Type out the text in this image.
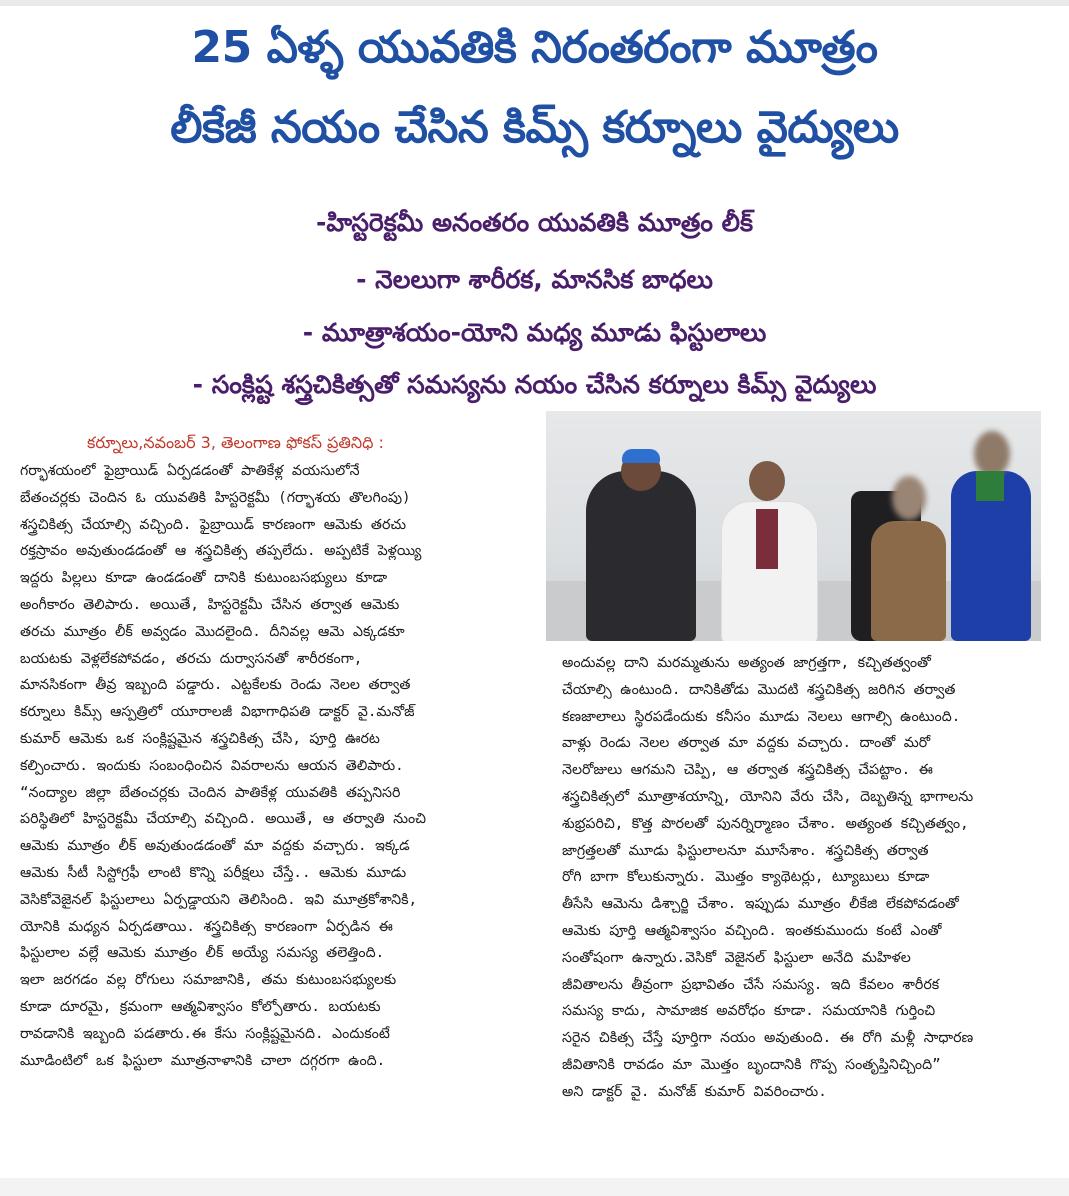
25 ఏళ్ళ యువతికి నిరంతరంగా మూత్రం
లీకేజీ నయం చేసిన కిమ్స్ కర్నూలు వైద్యులు
-హిస్టరెక్టమీ అనంతరం యువతికి మూత్రం లీక్
- నెలలుగా శారీరక, మానసిక బాధలు
- మూత్రాశయం-యోని మధ్య మూడు ఫిస్టులాలు
- సంక్లిష్ట శస్త్రచికిత్సతో సమస్యను నయం చేసిన కర్నూలు కిమ్స్ వైద్యులు
కర్నూలు,నవంబర్ 3, తెలంగాణ ఫోకస్ ప్రతినిధి :
గర్భాశయంలో ఫైబ్రాయిడ్ ఏర్పడడంతో పాతికేళ్ల వయసులోనే
బేతంచర్లకు చెందిన ఓ యువతికి హిస్టరెక్టమీ (గర్భాశయ తొలగింపు)
శస్త్రచికిత్స చేయాల్సి వచ్చింది. ఫైబ్రాయిడ్ కారణంగా ఆమెకు తరచు
రక్తస్రావం అవుతుండడంతో ఆ శస్త్రచికిత్స తప్పలేదు. అప్పటికే పెళ్లయ్యి
ఇద్దరు పిల్లలు కూడా ఉండడంతో దానికి కుటుంబసభ్యులు కూడా
అంగీకారం తెలిపారు. అయితే, హిస్టరెక్టమీ చేసిన తర్వాత ఆమెకు
తరచు మూత్రం లీక్ అవ్వడం మొదలైంది. దీనివల్ల ఆమె ఎక్కడకూ
బయటకు వెళ్లలేకపోవడం, తరచు దుర్వాసనతో శారీరకంగా,
మానసికంగా తీవ్ర ఇబ్బంది పడ్డారు. ఎట్టకేలకు రెండు నెలల తర్వాత
కర్నూలు కిమ్స్ ఆస్పత్రిలో యూరాలజీ విభాగాధిపతి డాక్టర్ వై.మనోజ్
కుమార్ ఆమెకు ఒక సంక్లిష్టమైన శస్త్రచికిత్స చేసి, పూర్తి ఊరట
కల్పించారు. ఇందుకు సంబంధించిన వివరాలను ఆయన తెలిపారు.
“నంద్యాల జిల్లా బేతంచర్లకు చెందిన పాతికేళ్ల యువతికి తప్పనిసరి
పరిస్థితిలో హిస్టరెక్టమీ చేయాల్సి వచ్చింది. అయితే, ఆ తర్వాతి నుంచి
ఆమెకు మూత్రం లీక్ అవుతుండడంతో మా వద్దకు వచ్చారు. ఇక్కడ
ఆమెకు సీటీ సిస్టోగ్రఫీ లాంటి కొన్ని పరీక్షలు చేస్తే.. ఆమెకు మూడు
వెసికోవెజైనల్ ఫిస్టులాలు ఏర్పడ్డాయని తెలిసింది. ఇవి మూత్రకోశానికి,
యోనికి మధ్యన ఏర్పడతాయి. శస్త్రచికిత్స కారణంగా ఏర్పడిన ఈ
ఫిస్టులాల వల్లే ఆమెకు మూత్రం లీక్ అయ్యే సమస్య తలెత్తింది.
ఇలా జరగడం వల్ల రోగులు సమాజానికి, తమ కుటుంబసభ్యులకు
కూడా దూరమై, క్రమంగా ఆత్మవిశ్వాసం కోల్పోతారు. బయటకు
రావడానికి ఇబ్బంది పడతారు.ఈ కేసు సంక్లిష్టమైనది. ఎందుకంటే
మూడింటిలో ఒక ఫిస్టులా మూత్రనాళానికి చాలా దగ్గరగా ఉంది.
అందువల్ల దాని మరమ్మతును అత్యంత జాగ్రత్తగా, కచ్చితత్వంతో
చేయాల్సి ఉంటుంది. దానికితోడు మొదటి శస్త్రచికిత్స జరిగిన తర్వాత
కణజాలాలు స్థిరపడేందుకు కనీసం మూడు నెలలు ఆగాల్సి ఉంటుంది.
వాళ్లు రెండు నెలల తర్వాత మా వద్దకు వచ్చారు. దాంతో మరో
నెలరోజులు ఆగమని చెప్పి, ఆ తర్వాత శస్త్రచికిత్స చేపట్టాం. ఈ
శస్త్రచికిత్సలో మూత్రాశయాన్ని, యోనిని వేరు చేసి, దెబ్బతిన్న భాగాలను
శుభ్రపరిచి, కొత్త పొరలతో పునర్నిర్మాణం చేశాం. అత్యంత కచ్చితత్వం,
జాగ్రత్తలతో మూడు ఫిస్టులాలనూ మూసేశాం. శస్త్రచికిత్స తర్వాత
రోగి బాగా కోలుకున్నారు. మొత్తం క్యాథెటర్లు, ట్యూబులు కూడా
తీసేసి ఆమెను డిశ్చార్జి చేశాం. ఇప్పుడు మూత్రం లీకేజి లేకపోవడంతో
ఆమెకు పూర్తి ఆత్మవిశ్వాసం వచ్చింది. ఇంతకుముందు కంటే ఎంతో
సంతోషంగా ఉన్నారు.వెసికో వెజైనల్ ఫిస్టులా అనేది మహిళల
జీవితాలను తీవ్రంగా ప్రభావితం చేసే సమస్య. ఇది కేవలం శారీరక
సమస్య కాదు, సామాజిక అవరోధం కూడా. సమయానికి గుర్తించి
సరైన చికిత్స చేస్తే పూర్తిగా నయం అవుతుంది. ఈ రోగి మళ్లీ సాధారణ
జీవితానికి రావడం మా మొత్తం బృందానికి గొప్ప సంతృప్తినిచ్చింది”
అని డాక్టర్ వై. మనోజ్ కుమార్ వివరించారు.
